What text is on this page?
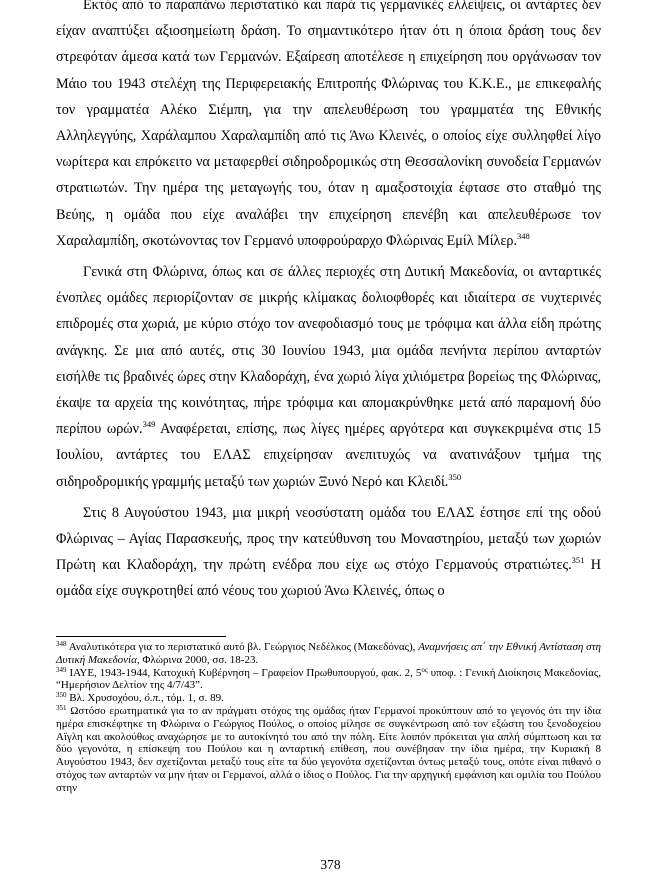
Εκτός από το παραπάνω περιστατικό και παρά τις γερμανικές ελλείψεις, οι αντάρτες δεν είχαν αναπτύξει αξιοσημείωτη δράση. Το σημαντικότερο ήταν ότι η όποια δράση τους δεν στρεφόταν άμεσα κατά των Γερμανών. Εξαίρεση αποτέλεσε η επιχείρηση που οργάνωσαν τον Μάιο του 1943 στελέχη της Περιφερειακής Επιτροπής Φλώρινας του Κ.Κ.Ε., με επικεφαλής τον γραμματέα Αλέκο Σιέμπη, για την απελευθέρωση του γραμματέα της Εθνικής Αλληλεγγύης, Χαράλαμπου Χαραλαμπίδη από τις Άνω Κλεινές, ο οποίος είχε συλληφθεί λίγο νωρίτερα και επρόκειτο να μεταφερθεί σιδηροδρομικώς στη Θεσσαλονίκη συνοδεία Γερμανών στρατιωτών. Την ημέρα της μεταγωγής του, όταν η αμαξοστοιχία έφτασε στο σταθμό της Βεύης, η ομάδα που είχε αναλάβει την επιχείρηση επενέβη και απελευθέρωσε τον Χαραλαμπίδη, σκοτώνοντας τον Γερμανό υποφρούραρχο Φλώρινας Εμίλ Μίλερ.$^{348}$

Γενικά στη Φλώρινα, όπως και σε άλλες περιοχές στη Δυτική Μακεδονία, οι ανταρτικές ένοπλες ομάδες περιορίζονταν σε μικρής κλίμακας δολιοφθορές και ιδιαίτερα σε νυχτερινές επιδρομές στα χωριά, με κύριο στόχο τον ανεφοδιασμό τους με τρόφιμα και άλλα είδη πρώτης ανάγκης. Σε μια από αυτές, στις 30 Ιουνίου 1943, μια ομάδα πενήντα περίπου ανταρτών εισήλθε τις βραδινές ώρες στην Κλαδοράχη, ένα χωριό λίγα χιλιόμετρα βορείως της Φλώρινας, έκαψε τα αρχεία της κοινότητας, πήρε τρόφιμα και απομακρύνθηκε μετά από παραμονή δύο περίπου ωρών.$^{349}$ Αναφέρεται, επίσης, πως λίγες ημέρες αργότερα και συγκεκριμένα στις 15 Ιουλίου, αντάρτες του ΕΛΑΣ επιχείρησαν ανεπιτυχώς να ανατινάξουν τμήμα της σιδηροδρομικής γραμμής μεταξύ των χωριών Ξυνό Νερό και Κλειδί.$^{350}$

Στις 8 Αυγούστου 1943, μια μικρή νεοσύστατη ομάδα του ΕΛΑΣ έστησε επί της οδού Φλώρινας – Αγίας Παρασκευής, προς την κατεύθυνση του Μοναστηρίου, μεταξύ των χωριών Πρώτη και Κλαδοράχη, την πρώτη ενέδρα που είχε ως στόχο Γερμανούς στρατιώτες.$^{351}$ Η ομάδα είχε συγκροτηθεί από νέους του χωριού Άνω Κλεινές, όπως ο

$^{348}$ Αναλυτικότερα για το περιστατικό αυτό βλ. Γεώργιος Νεδέλκος (Μακεδόνας), Αναμνήσεις απ΄ την Εθνική Αντίσταση στη Δυτική Μακεδονία, Φλώρινα 2000, σσ. 18-23.

$^{349}$ ΙΑΥΕ, 1943-1944, Κατοχική Κυβέρνηση – Γραφείον Πρωθυπουργού, φακ. 2, $5^{o\varsigma}$ υποφ. : Γενική Διοίκησις Μακεδονίας, “Ημερήσιον Δελτίον της 4/7/43”.

$^{350}$ Βλ. Χρυσοχόου, ό.π., τόμ. 1, σ. 89.

$^{351}$ Ωστόσο ερωτηματικά για το αν πράγματι στόχος της ομάδας ήταν Γερμανοί προκύπτουν από το γεγονός ότι την ίδια ημέρα επισκέφτηκε τη Φλώρινα ο Γεώργιος Πούλος, ο οποίος μίλησε σε συγκέντρωση από τον εξώστη του ξενοδοχείου Αϊγλη και ακολούθως αναχώρησε με το αυτοκίνητό του από την πόλη. Είτε λοιπόν πρόκειται για απλή σύμπτωση και τα δύο γεγονότα, η επίσκεψη του Πούλου και η ανταρτική επίθεση, που συνέβησαν την ίδια ημέρα, την Κυριακή 8 Αυγούστου 1943, δεν σχετίζονται μεταξύ τους είτε τα δύο γεγονότα σχετίζονται όντως μεταξύ τους, οπότε είναι πιθανό ο στόχος των ανταρτών να μην ήταν οι Γερμανοί, αλλά ο ίδιος ο Πούλος. Για την αρχηγική εμφάνιση και ομιλία του Πούλου στην

378
